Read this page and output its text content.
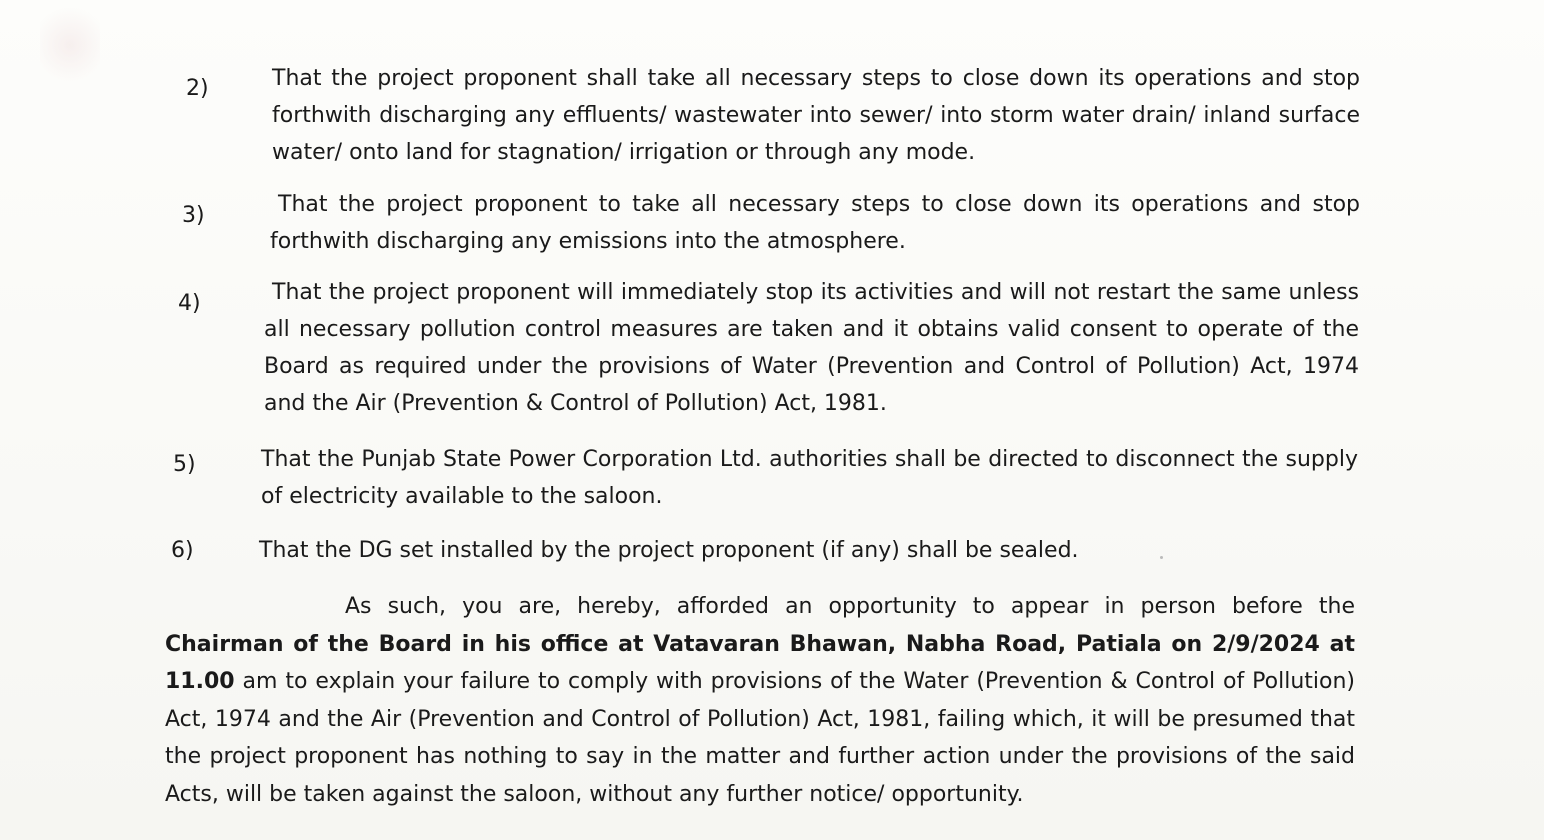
2)	That the project proponent shall take all necessary steps to close down its operations and stop forthwith discharging any effluents/ wastewater into sewer/ into storm water drain/ inland surface water/ onto land for stagnation/ irrigation or through any mode.
3)	That the project proponent to take all necessary steps to close down its operations and stop forthwith discharging any emissions into the atmosphere.
4)	That the project proponent will immediately stop its activities and will not restart the same unless all necessary pollution control measures are taken and it obtains valid consent to operate of the Board as required under the provisions of Water (Prevention and Control of Pollution) Act, 1974 and the Air (Prevention & Control of Pollution) Act, 1981.
5)	That the Punjab State Power Corporation Ltd. authorities shall be directed to disconnect the supply of electricity available to the saloon.
6)	That the DG set installed by the project proponent (if any) shall be sealed.
As such, you are, hereby, afforded an opportunity to appear in person before the Chairman of the Board in his office at Vatavaran Bhawan, Nabha Road, Patiala on 2/9/2024 at 11.00 am to explain your failure to comply with provisions of the Water (Prevention & Control of Pollution) Act, 1974 and the Air (Prevention and Control of Pollution) Act, 1981, failing which, it will be presumed that the project proponent has nothing to say in the matter and further action under the provisions of the said Acts, will be taken against the saloon, without any further notice/ opportunity.
